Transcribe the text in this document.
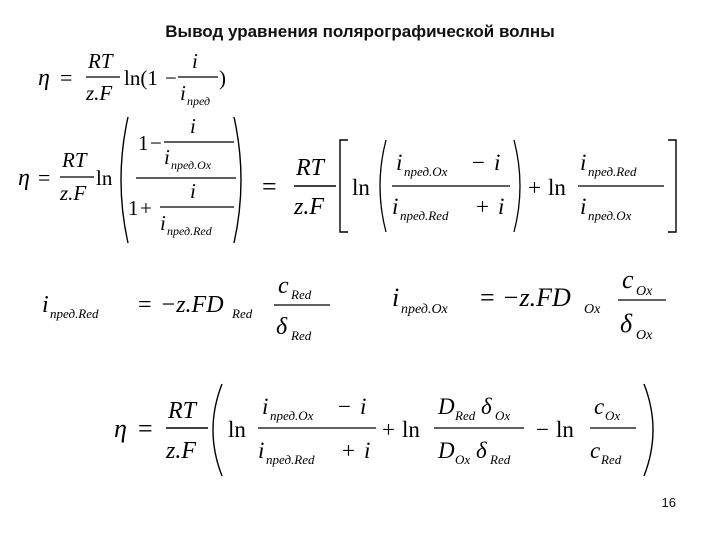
Вывод уравнения полярографической волны
η =
RT
z.F
ln(1 −
i
i пред
)
η =
RT
z.F
ln
1 −
i
i пред.Ox
1 +
i
i пред.Red
=
RT
z.F
ln
i пред.Ox − i
i пред.Red + i
+ ln
i пред.Red
i пред.Ox
i пред.Red = −z.FD Red
c Red
δ Red
i пред.Ox = −z.FD Ox
c Ox
δ Ox
η =
RT
z.F
ln
i пред.Ox − i
i пред.Red + i
+ ln
D Red δ Ox
D Ox δ Red
− ln
c Ox
c Red
16
